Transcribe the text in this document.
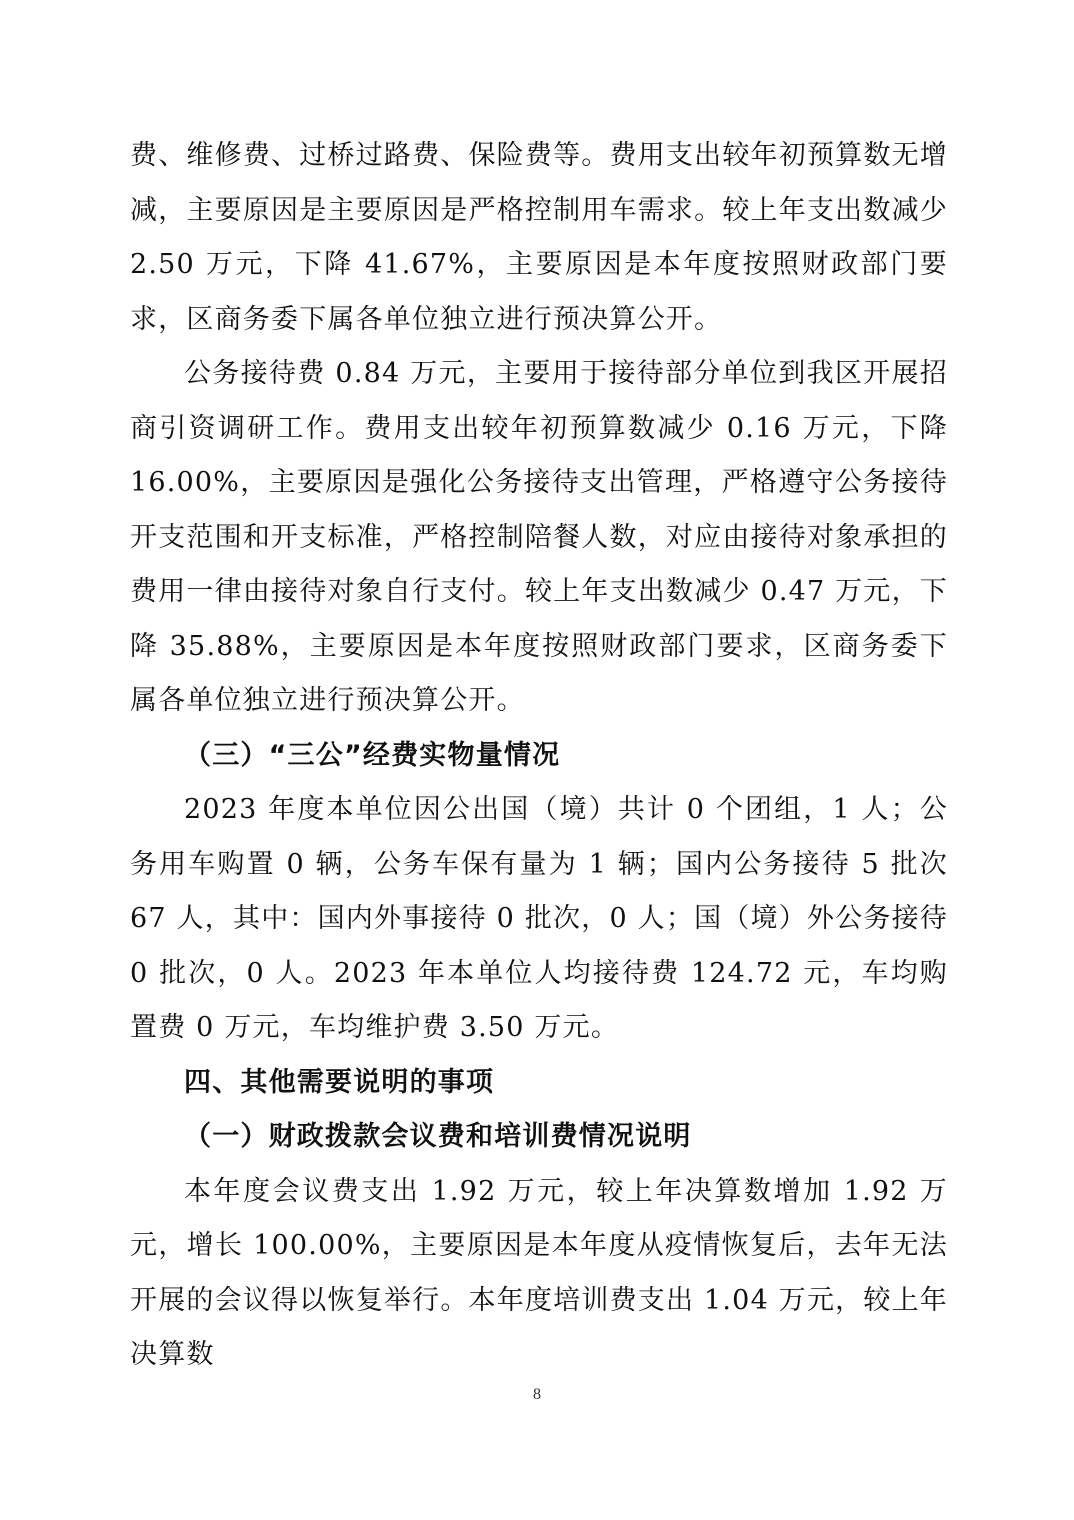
费、维修费、过桥过路费、保险费等。费用支出较年初预算数无增减，主要原因是主要原因是严格控制用车需求。较上年支出数减少 2.50 万元，下降 41.67%，主要原因是本年度按照财政部门要求，区商务委下属各单位独立进行预决算公开。

公务接待费 0.84 万元，主要用于接待部分单位到我区开展招商引资调研工作。费用支出较年初预算数减少 0.16 万元，下降 16.00%，主要原因是强化公务接待支出管理，严格遵守公务接待开支范围和开支标准，严格控制陪餐人数，对应由接待对象承担的费用一律由接待对象自行支付。较上年支出数减少 0.47 万元，下降 35.88%，主要原因是本年度按照财政部门要求，区商务委下属各单位独立进行预决算公开。

（三）“三公”经费实物量情况

2023 年度本单位因公出国（境）共计 0 个团组，1 人；公务用车购置 0 辆，公务车保有量为 1 辆；国内公务接待 5 批次 67 人，其中：国内外事接待 0 批次，0 人；国（境）外公务接待 0 批次，0 人。2023 年本单位人均接待费 124.72 元，车均购置费 0 万元，车均维护费 3.50 万元。

四、其他需要说明的事项

（一）财政拨款会议费和培训费情况说明

本年度会议费支出 1.92 万元，较上年决算数增加 1.92 万元，增长 100.00%，主要原因是本年度从疫情恢复后，去年无法开展的会议得以恢复举行。本年度培训费支出 1.04 万元，较上年决算数

8
